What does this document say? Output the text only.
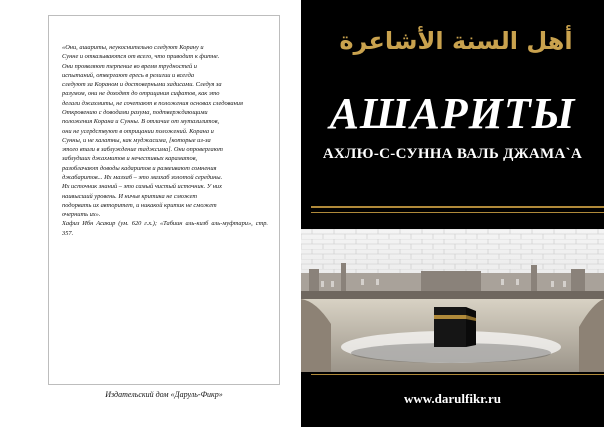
«Они, ашариты, неукоснительно следуют Корану и

Сунне и отказываются от всего, что приводит к фитне.

Они проявляют терпение во время трудностей и

испытаний, отвергают ересь в религии и всегда

следуют за Кораном и достоверными хадисами. Следуя за

разумом, они не доходят до отрицания сифатов, как это

делали джахмиты, не сочетают в положения основах следования

Откровению с доводами разума, подтверждающими

положения Корана и Сунны. В отличие от мутазилитов,

они не усердствуют в отрицании положений. Корана и

Сунны, и не халатны, как муджасима, [которые из-за

этого впали в заблуждение таджсима]. Они опровергают

заблудших джахмитов и нечестивых караматов,

разоблачают доводы кадаритов и развеивают сомнения

джабаритов... Их мазхаб – это мазхаб золотой середины.

Их источник знаний – это самый чистый источник. У них

наивысший уровень. И ничья критика не сможет

подорвать их авторитет, и никакой критик не сможет

очернить их».

Хафиз Ибн Асакир (ум. 620 г.х.); «Табиин аль-кизб аль-муфтари», стр. 357.

Издательский дом «Даруль-Фикр»
أهل السنة الأشاعرة
АШАРИТЫ
АХЛЮ-С-СУННА ВАЛЬ ДЖАМА`А
www.darulfikr.ru
